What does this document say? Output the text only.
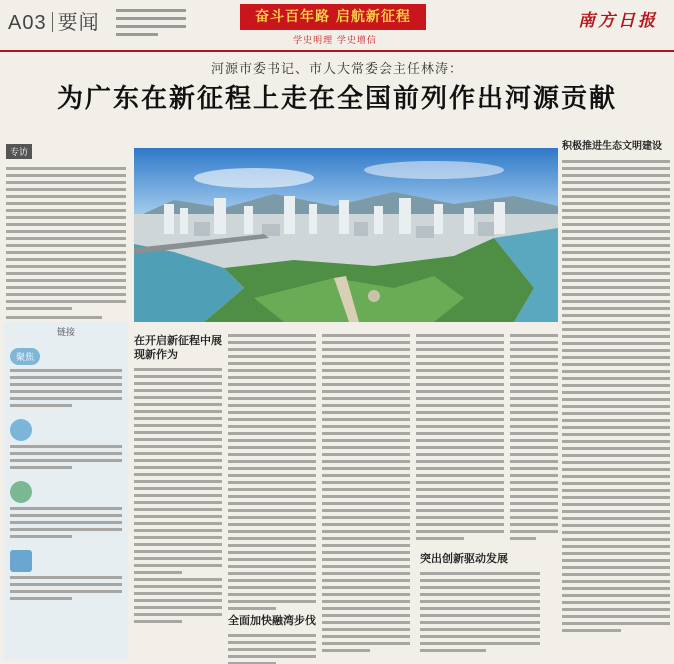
A03 要闻	奋斗百年路 启航新征程
学史明理 学史增信
南方日报
河源市委书记、市人大常委会主任林涛：
为广东在新征程上走在全国前列作出河源贡献
专访
链接
聚焦
在开启新征程中展现新作为
全面加快融湾步伐
突出创新驱动发展
积极推进生态文明建设
